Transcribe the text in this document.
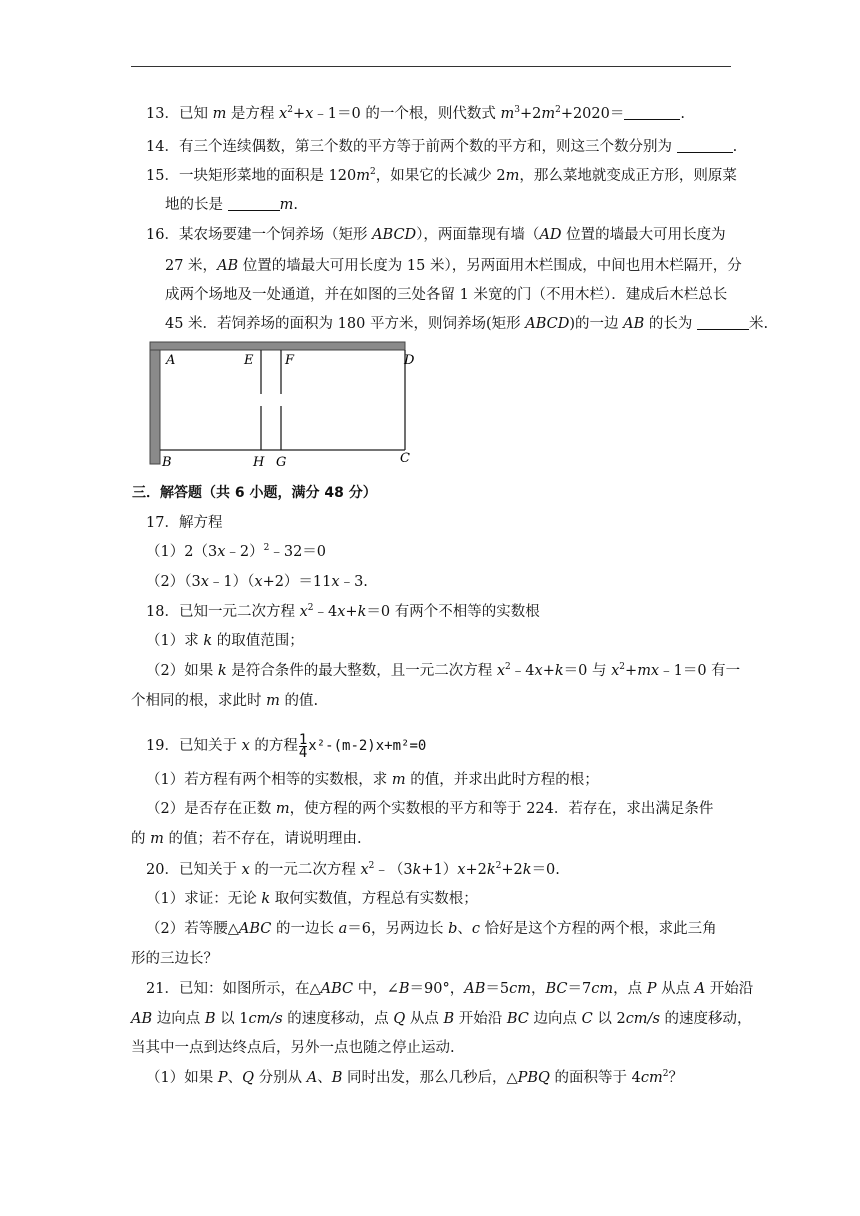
13．已知 m 是方程 $x^2+x﹣1=0$ 的一个根，则代数式 $m^3+2m^2+2020=$	.
14．有三个连续偶数，第三个数的平方等于前两个数的平方和，则这三个数分别为	.
15．一块矩形菜地的面积是 $120m^2$，如果它的长减少 2m，那么菜地就变成正方形，则原菜
地的长是	m.
16．某农场要建一个饲养场（矩形 ABCD），两面靠现有墙（AD 位置的墙最大可用长度为
27 米，AB 位置的墙最大可用长度为 15 米），另两面用木栏围成，中间也用木栏隔开，分
成两个场地及一处通道，并在如图的三处各留 1 米宽的门（不用木栏）．建成后木栏总长
45 米．若饲养场的面积为 180 平方米，则饲养场(矩形 ABCD)的一边 AB 的长为	米.
A	E F	D
B	H G	C
三．解答题（共 6 小题，满分 48 分）
17．解方程
（1）2（3x﹣2）$^2$﹣32＝0
（2）（3x﹣1）（x+2）＝11x﹣3.
18．已知一元二次方程 $x^2﹣4x+k=0$ 有两个不相等的实数根
（1）求 k 的取值范围；
（2）如果 k 是符合条件的最大整数，且一元二次方程 $x^2﹣4x+k=0$ 与 $x^2+mx﹣1=0$ 有一
个相同的根，求此时 m 的值.
19．已知关于 x 的方程 $\frac{1}{4} x^2-(m-2)x+m^2=0$
（1）若方程有两个相等的实数根，求 m 的值，并求出此时方程的根；
（2）是否存在正数 m，使方程的两个实数根的平方和等于 224．若存在，求出满足条件
的 m 的值；若不存在，请说明理由.
20．已知关于 x 的一元二次方程 $x^2﹣(3k+1)x+2k^2+2k=0$.
（1）求证：无论 k 取何实数值，方程总有实数根；
（2）若等腰△ABC 的一边长 a＝6，另两边长 b、c 恰好是这个方程的两个根，求此三角
形的三边长？
21．已知：如图所示，在△ABC 中，∠B＝90°，AB＝5cm，BC＝7cm，点 P 从点 A 开始沿
AB 边向点 B 以 1cm/s 的速度移动，点 Q 从点 B 开始沿 BC 边向点 C 以 2cm/s 的速度移动，
当其中一点到达终点后，另外一点也随之停止运动.
（1）如果 P、Q 分别从 A、B 同时出发，那么几秒后，△PBQ 的面积等于 $4cm^2$？
